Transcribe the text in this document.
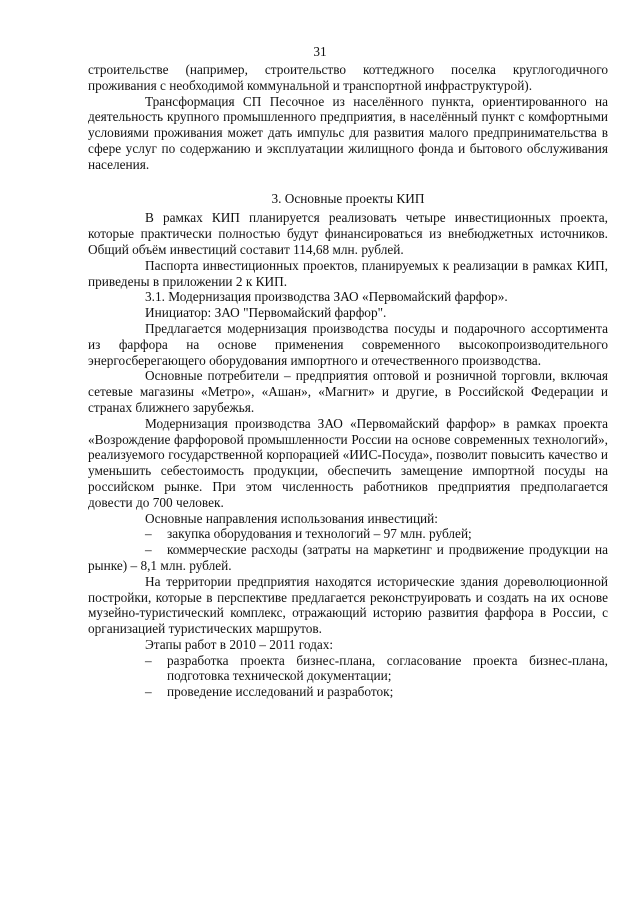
31

строительстве (например, строительство коттеджного поселка круглогодичного проживания с необходимой коммунальной и транспортной инфраструктурой).

Трансформация СП Песочное из населённого пункта, ориентированного на деятельность крупного промышленного предприятия, в населённый пункт с комфортными условиями проживания может дать импульс для развития малого предпринимательства в сфере услуг по содержанию и эксплуатации жилищного фонда и бытового обслуживания населения.

3. Основные проекты КИП

В рамках КИП планируется реализовать четыре инвестиционных проекта, которые практически полностью будут финансироваться из внебюджетных источников. Общий объём инвестиций составит 114,68 млн. рублей.

Паспорта инвестиционных проектов, планируемых к реализации в рамках КИП, приведены в приложении 2 к КИП.

3.1. Модернизация производства ЗАО «Первомайский фарфор».

Инициатор: ЗАО "Первомайский фарфор".

Предлагается модернизация производства посуды и подарочного ассортимента из фарфора на основе применения современного высокопроизводительного энергосберегающего оборудования импортного и отечественного производства.

Основные потребители – предприятия оптовой и розничной торговли, включая сетевые магазины «Метро», «Ашан», «Магнит» и другие, в Российской Федерации и странах ближнего зарубежья.

Модернизация производства ЗАО «Первомайский фарфор» в рамках проекта «Возрождение фарфоровой промышленности России на основе современных технологий», реализуемого государственной корпорацией «ИИС-Посуда», позволит повысить качество и уменьшить себестоимость продукции, обеспечить замещение импортной посуды на российском рынке. При этом численность работников предприятия предполагается довести до 700 человек.

Основные направления использования инвестиций:

– закупка оборудования и технологий – 97 млн. рублей;

– коммерческие расходы (затраты на маркетинг и продвижение продукции на рынке) – 8,1 млн. рублей.

На территории предприятия находятся исторические здания дореволюционной постройки, которые в перспективе предлагается реконструировать и создать на их основе музейно-туристический комплекс, отражающий историю развития фарфора в России, с организацией туристических маршрутов.

Этапы работ в 2010 – 2011 годах:

– разработка проекта бизнес-плана, согласование проекта бизнес-плана, подготовка технической документации;

– проведение исследований и разработок;
